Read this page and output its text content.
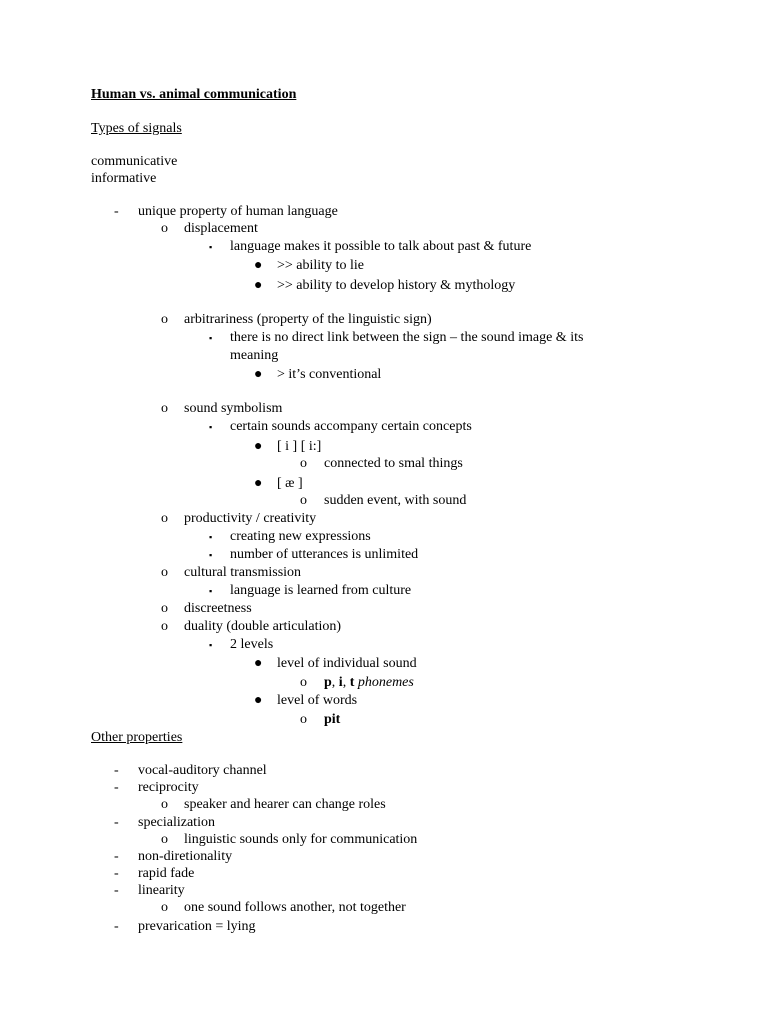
Human vs. animal communication
Types of signals
communicative
informative
- unique property of human language
o displacement
▪ language makes it possible to talk about past & future
● >> ability to lie
● >> ability to develop history & mythology
o arbitrariness (property of the linguistic sign)
▪ there is no direct link between the sign – the sound image & its
meaning
● > it’s conventional
o sound symbolism
▪ certain sounds accompany certain concepts
● [ i ] [ i:]
o connected to smal things
● [ æ ]
o sudden event, with sound
o productivity / creativity
▪ creating new expressions
▪ number of utterances is unlimited
o cultural transmission
▪ language is learned from culture
o discreetness
o duality (double articulation)
▪ 2 levels
● level of individual sound
o p, i, t phonemes
● level of words
o pit
Other properties
- vocal-auditory channel
- reciprocity
o speaker and hearer can change roles
- specialization
o linguistic sounds only for communication
- non-diretionality
- rapid fade
- linearity
o one sound follows another, not together
- prevarication = lying
